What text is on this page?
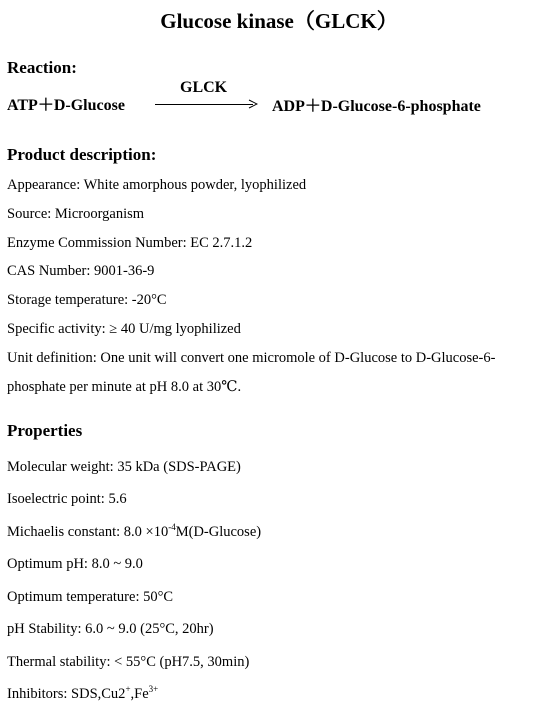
Glucose kinase（GLCK）
Reaction:
ATP＋D-Glucose
GLCK
ADP＋D-Glucose-6-phosphate
Product description:
Appearance: White amorphous powder, lyophilized
Source: Microorganism
Enzyme Commission Number: EC 2.7.1.2
CAS Number: 9001-36-9
Storage temperature: -20°C
Specific activity: ≥ 40 U/mg lyophilized
Unit definition: One unit will convert one micromole of D-Glucose to D-Glucose-6-
phosphate per minute at pH 8.0 at 30℃.
Properties
Molecular weight: 35 kDa (SDS-PAGE)
Isoelectric point: 5.6
Michaelis constant: $8.0 \times 10^{-4}M(D-Glucose)$
Optimum pH: 8.0 ~ 9.0
Optimum temperature: 50°C
pH Stability: 6.0 ~ 9.0 (25°C, 20hr)
Thermal stability: < 55°C (pH7.5, 30min)
Inhibitors: $SDS,Cu2^+,Fe^{3+}$
